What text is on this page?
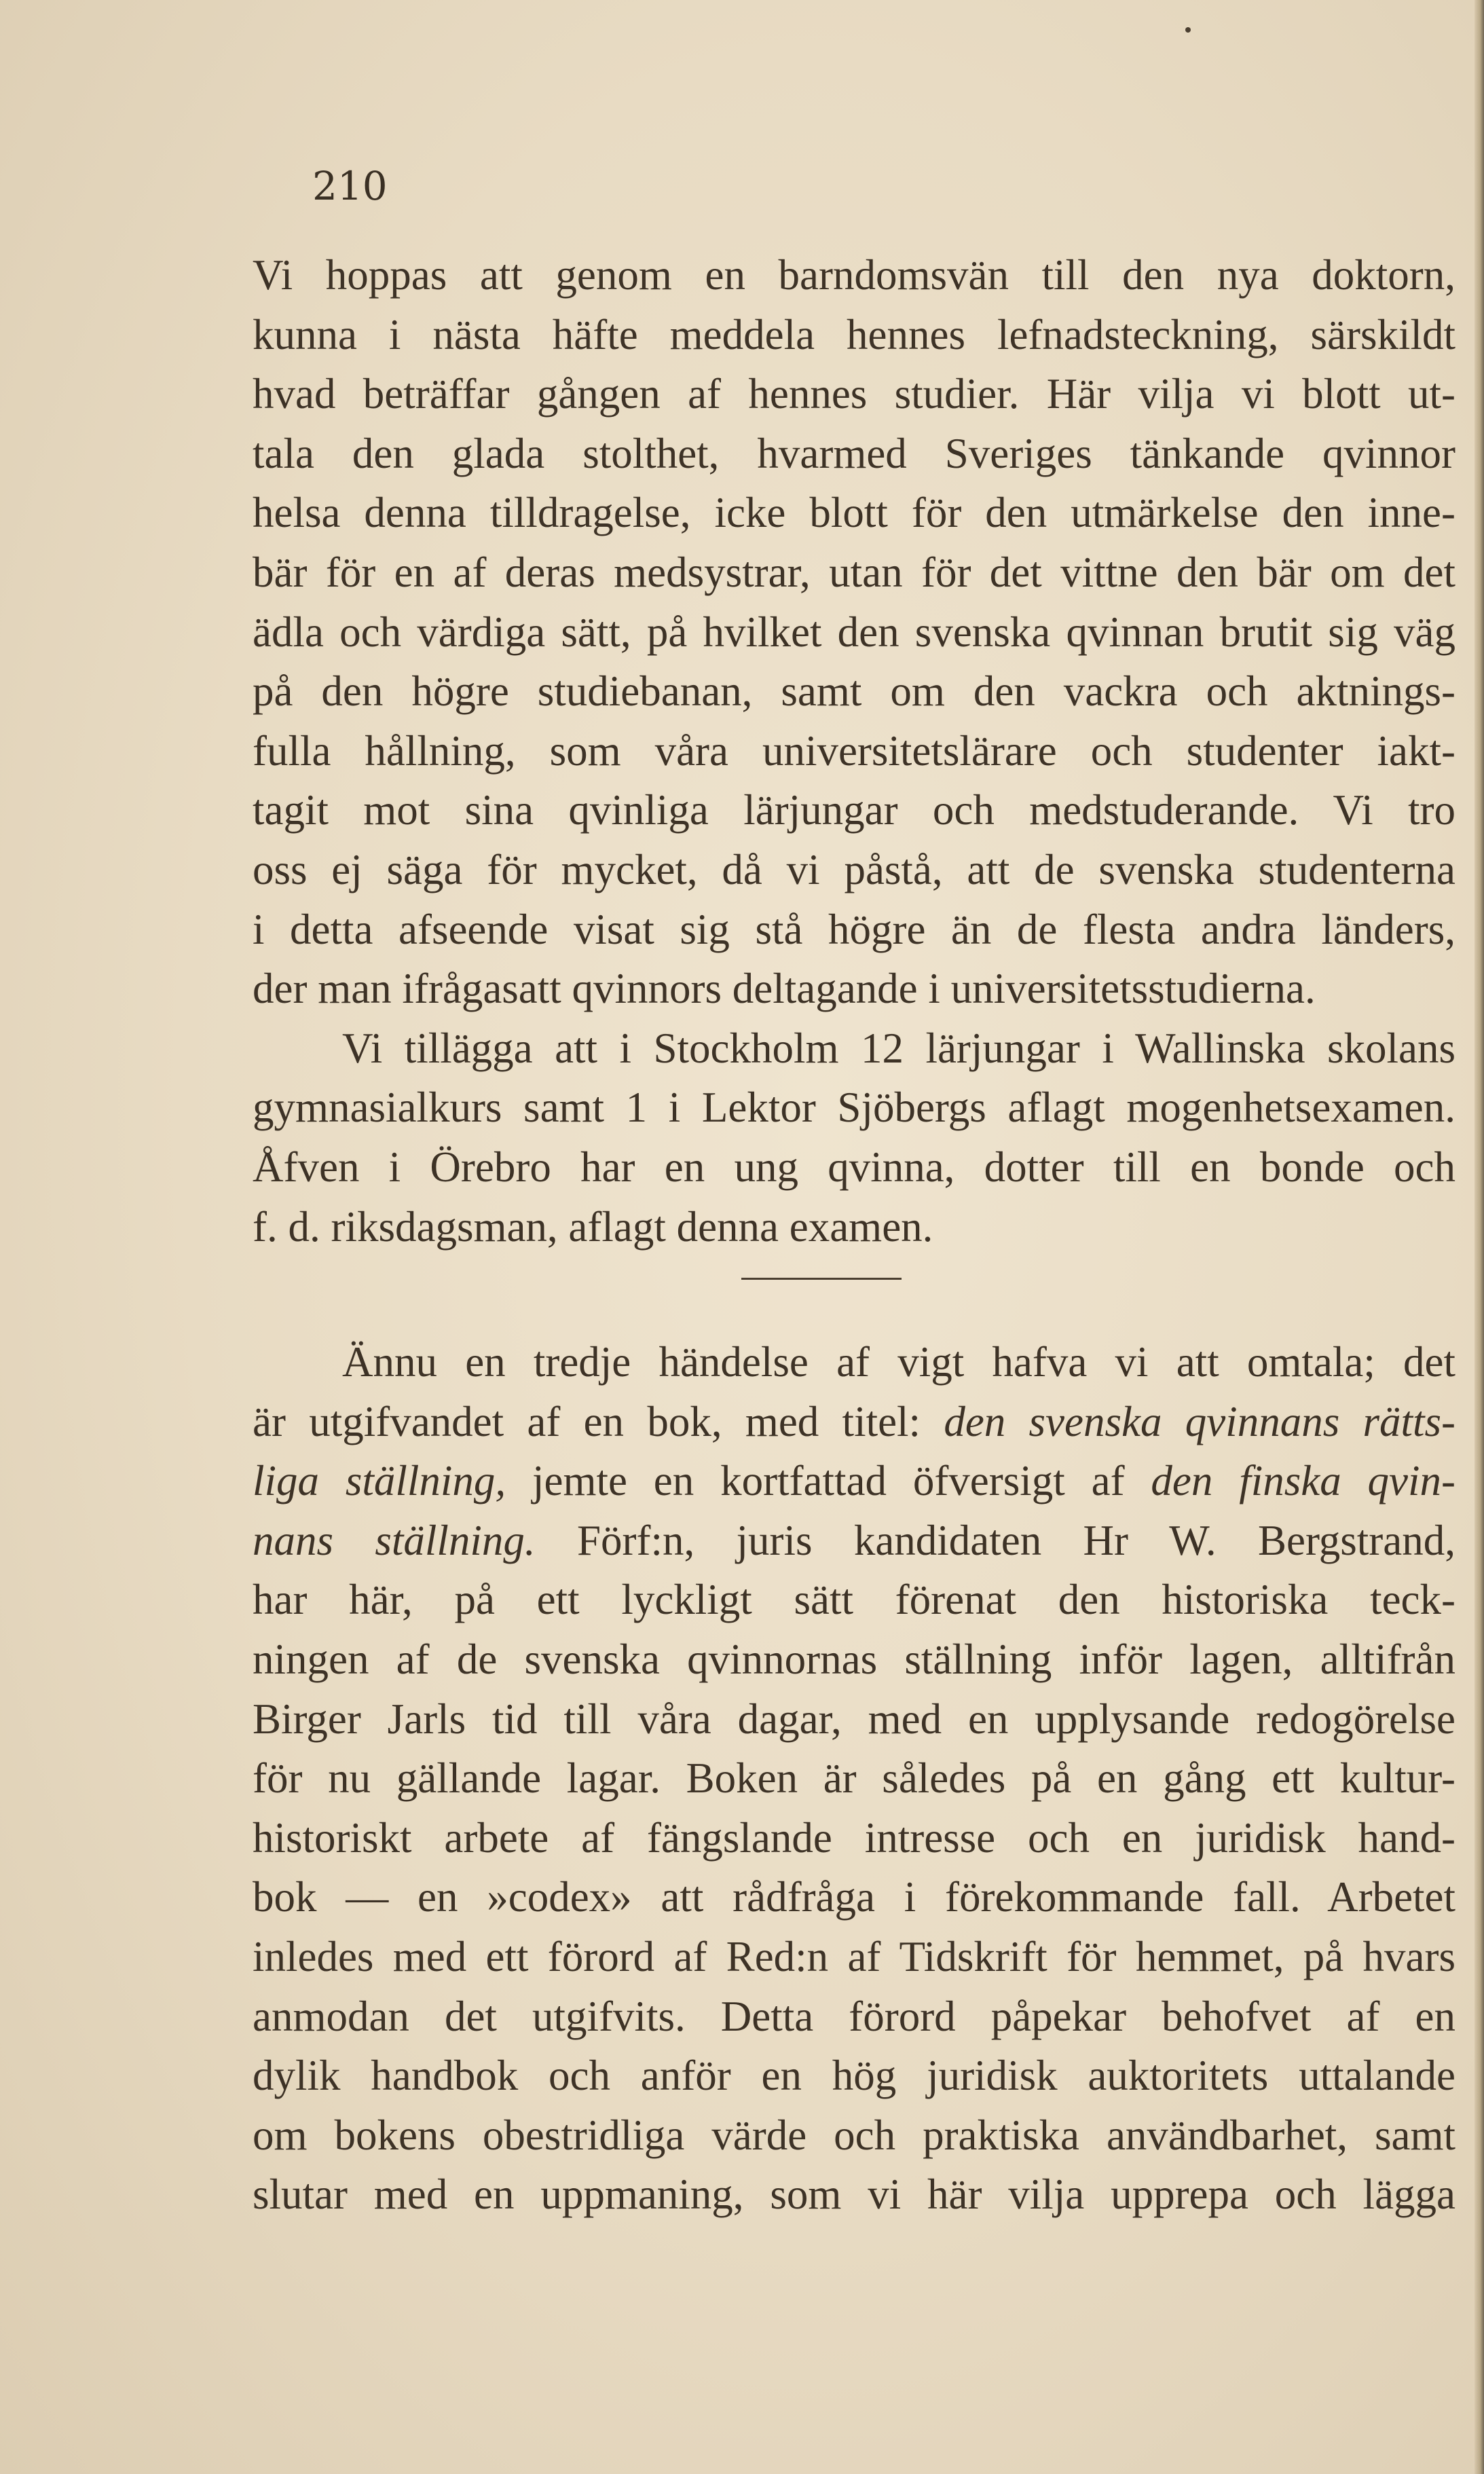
210

Vi hoppas att genom en barndomsvän till den nya doktorn,
kunna i nästa häfte meddela hennes lefnadsteckning, särskildt
hvad beträffar gången af hennes studier. Här vilja vi blott ut-
tala den glada stolthet, hvarmed Sveriges tänkande qvinnor
helsa denna tilldragelse, icke blott för den utmärkelse den inne-
bär för en af deras medsystrar, utan för det vittne den bär om det
ädla och värdiga sätt, på hvilket den svenska qvinnan brutit sig väg
på den högre studiebanan, samt om den vackra och aktnings-
fulla hållning, som våra universitetslärare och studenter iakt-
tagit mot sina qvinliga lärjungar och medstuderande. Vi tro
oss ej säga för mycket, då vi påstå, att de svenska studenterna
i detta afseende visat sig stå högre än de flesta andra länders,
der man ifrågasatt qvinnors deltagande i universitetsstudierna.
Vi tillägga att i Stockholm 12 lärjungar i Wallinska skolans
gymnasialkurs samt 1 i Lektor Sjöbergs aflagt mogenhetsexamen.
Åfven i Örebro har en ung qvinna, dotter till en bonde och
f. d. riksdagsman, aflagt denna examen.
Ännu en tredje händelse af vigt hafva vi att omtala; det
är utgifvandet af en bok, med titel: den svenska qvinnans rätts-
liga ställning, jemte en kortfattad öfversigt af den finska qvin-
nans ställning. Förf:n, juris kandidaten Hr W. Bergstrand,
har här, på ett lyckligt sätt förenat den historiska teck-
ningen af de svenska qvinnornas ställning inför lagen, alltifrån
Birger Jarls tid till våra dagar, med en upplysande redogörelse
för nu gällande lagar. Boken är således på en gång ett kultur-
historiskt arbete af fängslande intresse och en juridisk hand-
bok — en »codex» att rådfråga i förekommande fall. Arbetet
inledes med ett förord af Red:n af Tidskrift för hemmet, på hvars
anmodan det utgifvits. Detta förord påpekar behofvet af en
dylik handbok och anför en hög juridisk auktoritets uttalande
om bokens obestridliga värde och praktiska användbarhet, samt
slutar med en uppmaning, som vi här vilja upprepa och lägga
